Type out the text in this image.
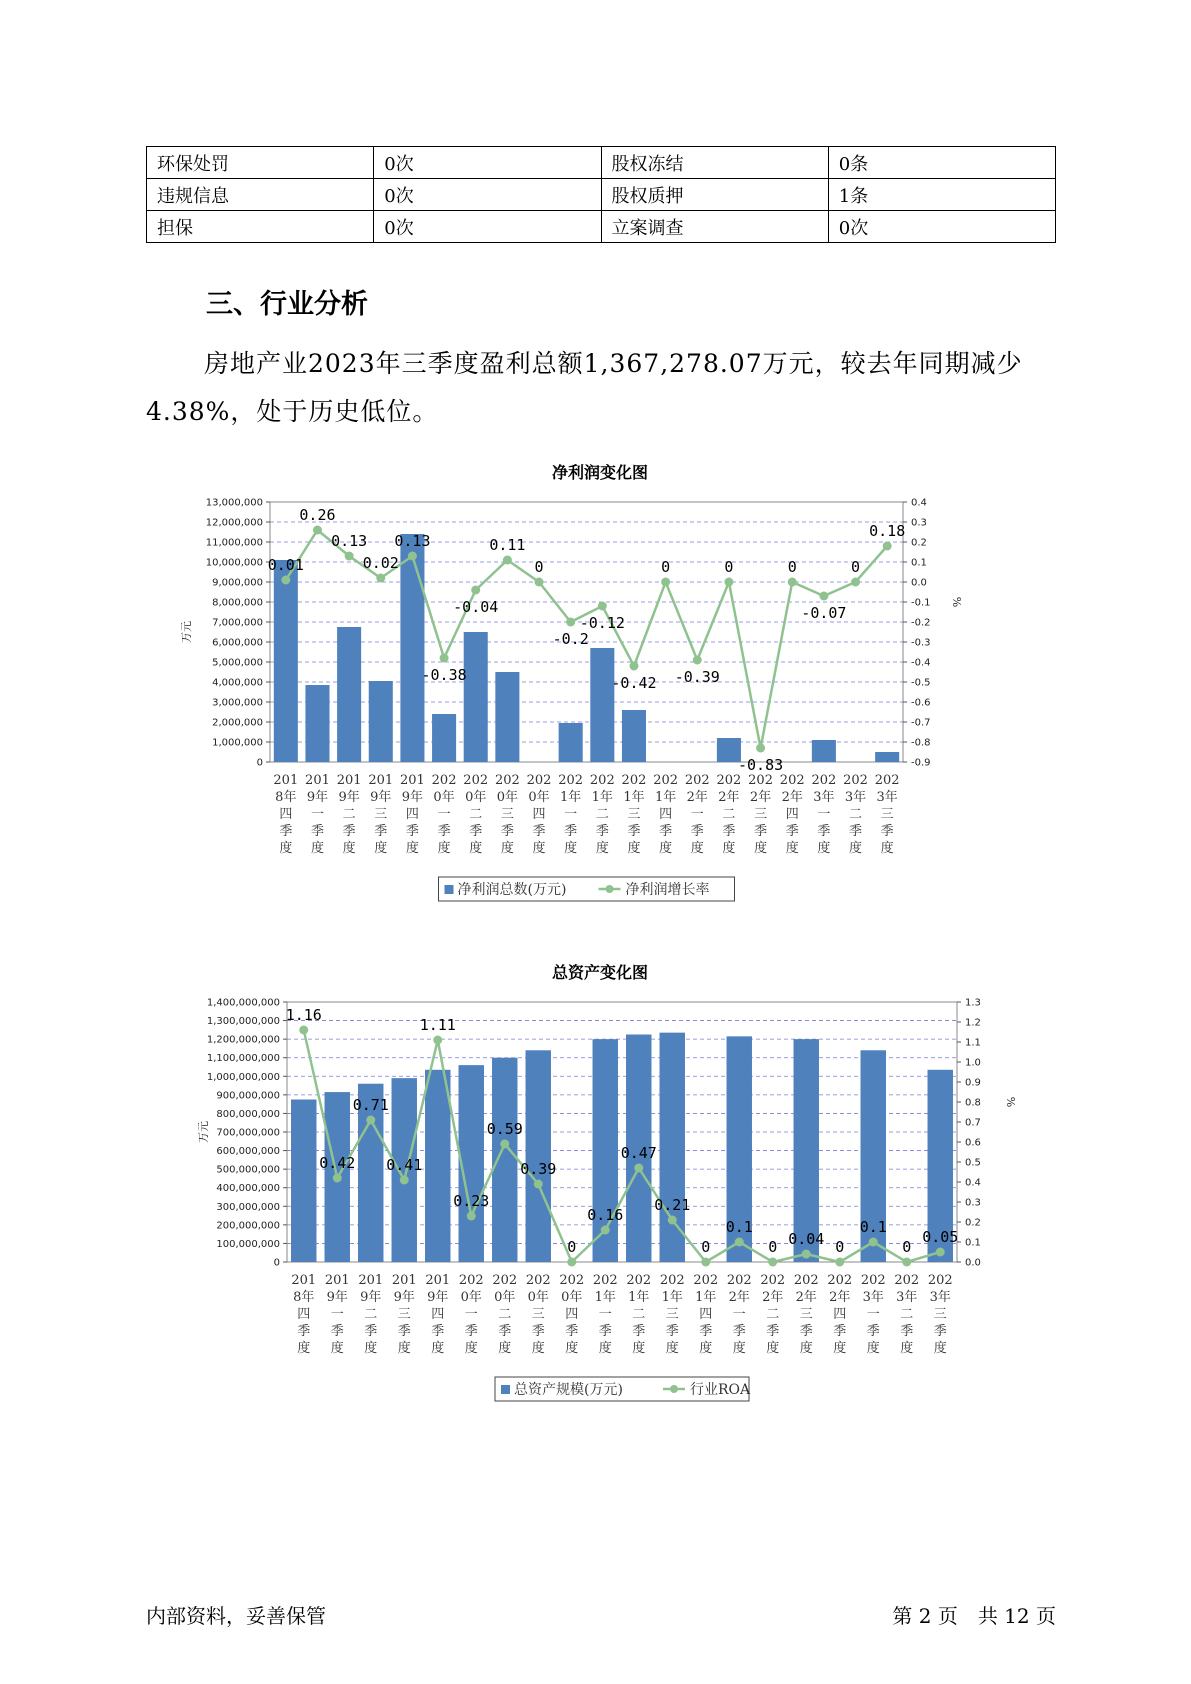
环保处罚	0次	股权冻结	0条
违规信息	0次	股权质押	1条
担保	0次	立案调查	0次
三、行业分析

房地产业2023年三季度盈利总额1,367,278.07万元，较去年同期减少4.38%，处于历史低位。

净利润变化图
13,000,000
12,000,000
11,000,000
10,000,000
9,000,000
8,000,000
7,000,000
6,000,000
5,000,000
4,000,000
3,000,000
2,000,000
1,000,000
0
0.4
0.3
0.2
0.1
0.0
-0.1
-0.2
-0.3
-0.4
-0.5
-0.6
-0.7
-0.8
-0.9
万元
%
0.01
0.26
0.13
0.02
0.13
-0.38
-0.04
0.11
0
-0.2
-0.12
-0.42
0
-0.39
0
-0.83
0
-0.07
0
0.18
201 8年四季度
201 9年一季度
201 9年二季度
201 9年三季度
201 9年四季度
202 0年一季度
202 0年二季度
202 0年三季度
202 0年四季度
202 1年一季度
202 1年二季度
202 1年三季度
202 1年四季度
202 2年一季度
202 2年二季度
202 2年三季度
202 2年四季度
202 3年一季度
202 3年二季度
202 3年三季度
净利润总数(万元)	净利润增长率
总资产变化图
1,400,000,000
1,300,000,000
1,200,000,000
1,100,000,000
1,000,000,000
900,000,000
800,000,000
700,000,000
600,000,000
500,000,000
400,000,000
300,000,000
200,000,000
100,000,000
0
1.3
1.2
1.1
1.0
0.9
0.8
0.7
0.6
0.5
0.4
0.3
0.2
0.1
0.0
万元
%
1.16
0.42
0.71
0.41
1.11
0.23
0.59
0.39
0
0.16
0.47
0.21
0
0.1
0 0.04 0
0.1
0
0.05
201 8年四季度
201 9年一季度
201 9年二季度
201 9年三季度
201 9年四季度
202 0年一季度
202 0年二季度
202 0年三季度
202 0年四季度
202 1年一季度
202 1年二季度
202 1年三季度
202 1年四季度
202 2年一季度
202 2年二季度
202 2年三季度
202 2年四季度
202 3年一季度
202 3年二季度
202 3年三季度
总资产规模(万元)	行业ROA
内部资料，妥善保管	第 2 页　共 12 页
